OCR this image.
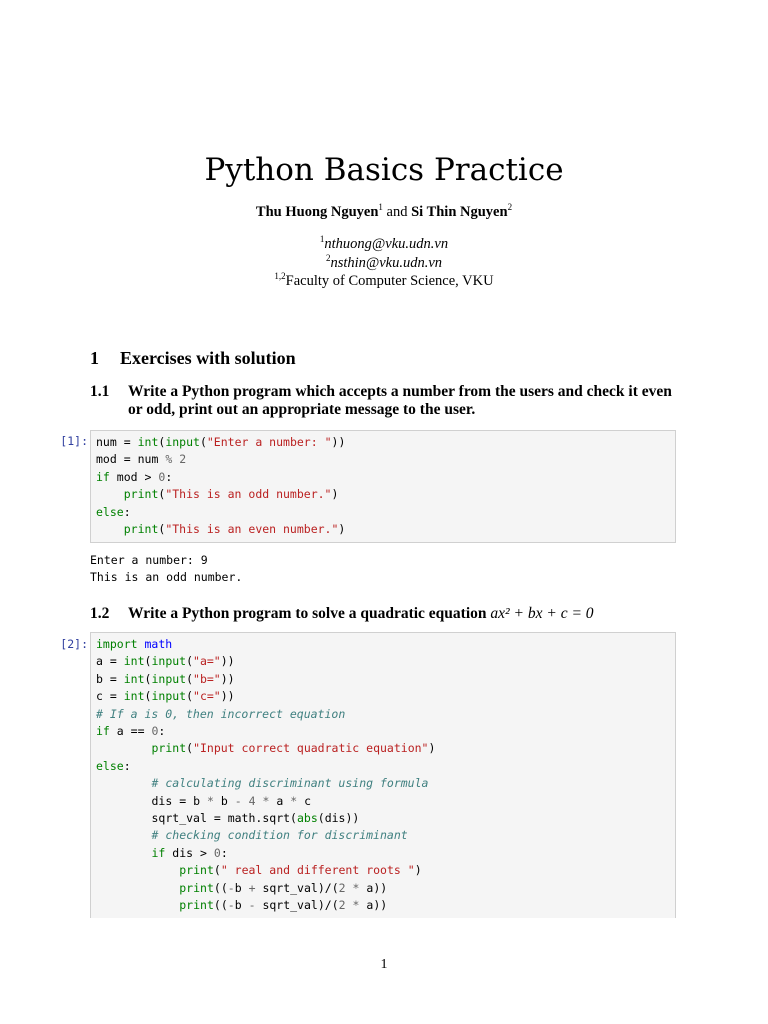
Python Basics Practice
Thu Huong Nguyen$^1$ and Si Thin Nguyen$^2$
$^1$nthuong@vku.udn.vn
$^2$nsthin@vku.udn.vn
$^{1,2}$Faculty of Computer Science, VKU
1 Exercises with solution
1.1	Write a Python program which accepts a number from the users and check it even or odd, print out an appropriate message to the user.
[1]: num = int(input("Enter a number: "))
mod = num % 2
if mod > 0:
print("This is an odd number.")
else:
print("This is an even number.")
Enter a number: 9
This is an odd number.
1.2	Write a Python program to solve a quadratic equation ax² + bx + c = 0
[2]: import math
a = int(input("a="))
b = int(input("b="))
c = int(input("c="))
# If a is 0, then incorrect equation
if a == 0:
print("Input correct quadratic equation")
else:
# calculating discriminant using formula
dis = b * b - 4 * a * c
sqrt_val = math.sqrt(abs(dis))
# checking condition for discriminant
if dis > 0:
print(" real and different roots ")
print((-b + sqrt_val)/(2 * a))
print((-b - sqrt_val)/(2 * a))
1
